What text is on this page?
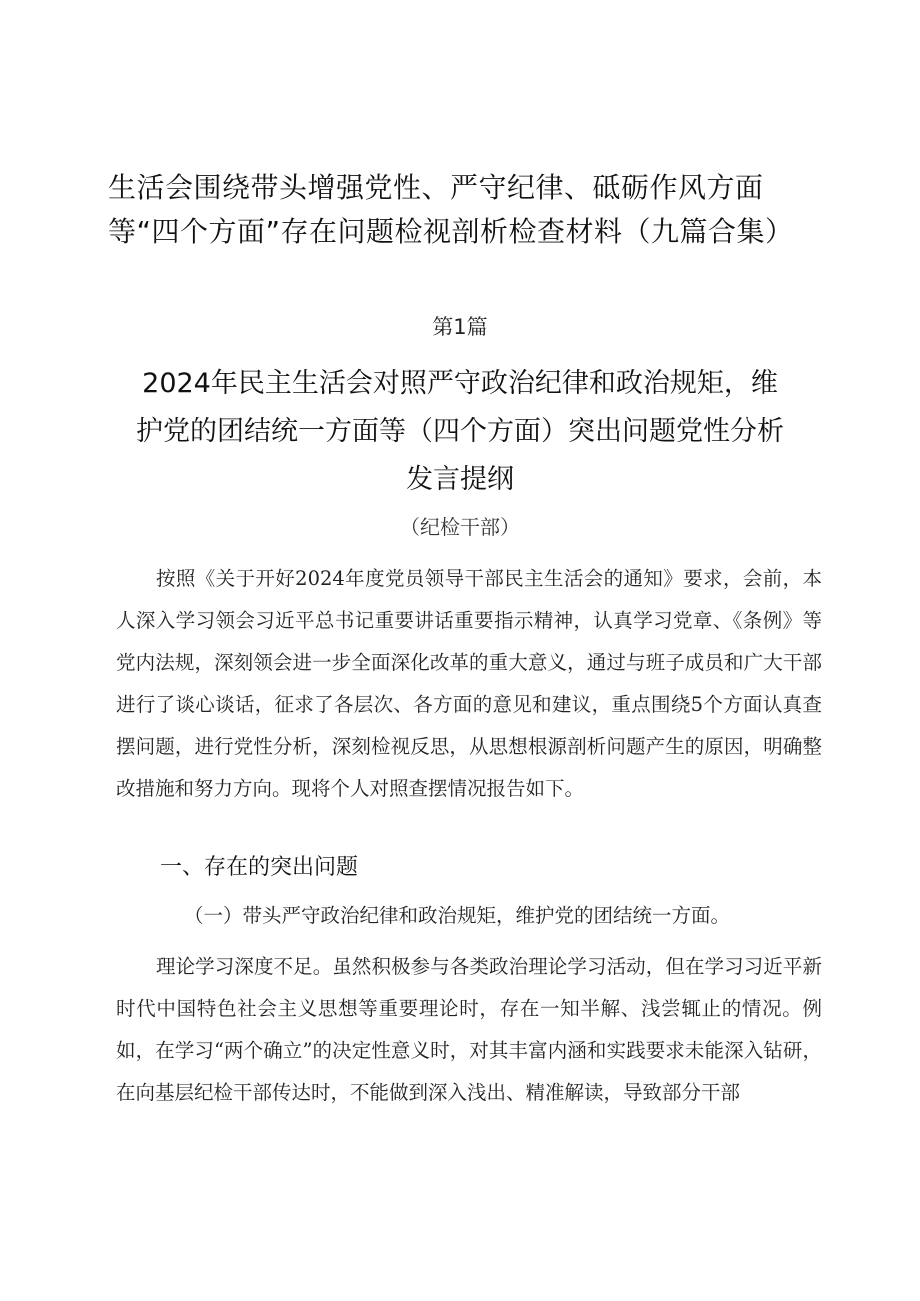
生活会围绕带头增强党性、严守纪律、砥砺作风方面等“四个方面”存在问题检视剖析检查材料（九篇合集）
第1篇
2024年民主生活会对照严守政治纪律和政治规矩，维护党的团结统一方面等（四个方面）突出问题党性分析发言提纲
（纪检干部）

按照《关于开好2024年度党员领导干部民主生活会的通知》要求，会前，本人深入学习领会习近平总书记重要讲话重要指示精神，认真学习党章、《条例》等党内法规，深刻领会进一步全面深化改革的重大意义，通过与班子成员和广大干部进行了谈心谈话，征求了各层次、各方面的意见和建议，重点围绕5个方面认真查摆问题，进行党性分析，深刻检视反思，从思想根源剖析问题产生的原因，明确整改措施和努力方向。现将个人对照查摆情况报告如下。

一、存在的突出问题
（一）带头严守政治纪律和政治规矩，维护党的团结统一方面。

理论学习深度不足。虽然积极参与各类政治理论学习活动，但在学习习近平新时代中国特色社会主义思想等重要理论时，存在一知半解、浅尝辄止的情况。例如，在学习“两个确立”的决定性意义时，对其丰富内涵和实践要求未能深入钻研，在向基层纪检干部传达时，不能做到深入浅出、精准解读，导致部分干部
